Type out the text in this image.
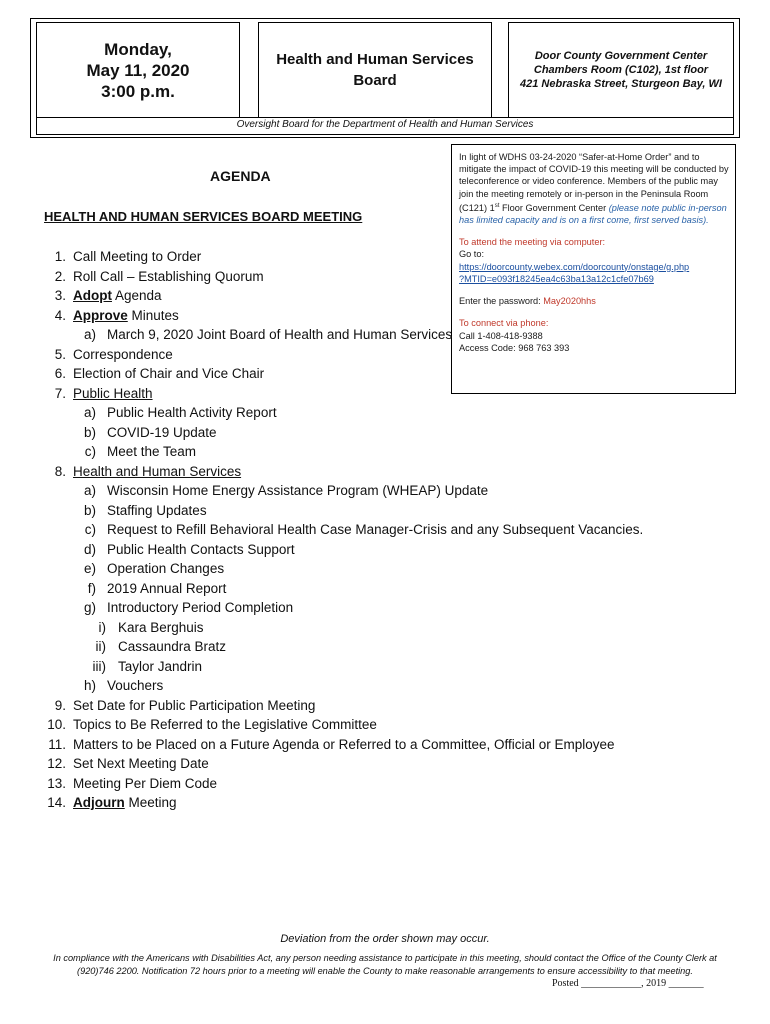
Monday,
May 11, 2020
3:00 p.m.
Health and Human Services
Board
Door County Government Center
Chambers Room (C102), 1st floor
421 Nebraska Street, Sturgeon Bay, WI
Oversight Board for the Department of Health and Human Services

In light of WDHS 03-24-2020 “Safer-at-Home Order” and to mitigate the impact of COVID-19 this meeting will be conducted by teleconference or video conference. Members of the public may join the meeting remotely or in-person in the Peninsula Room (C121) 1st Floor Government Center (please note public in-person has limited capacity and is on a first come, first served basis).

To attend the meeting via computer:

Go to:

https://doorcounty.webex.com/doorcounty/onstage/g.php

?MTID=e093f18245ea4c63ba13a12c1cfe07b69

Enter the password: May2020hhs

To connect via phone:

Call 1-408-418-9388

Access Code: 968 763 393

AGENDA
HEALTH AND HUMAN SERVICES BOARD MEETING
1. Call Meeting to Order
2. Roll Call – Establishing Quorum
3. Adopt Agenda
4. Approve Minutes
a) March 9, 2020 Joint Board of Health and Human Services
5. Correspondence
6. Election of Chair and Vice Chair
7. Public Health
a) Public Health Activity Report
b) COVID-19 Update
c) Meet the Team
8. Health and Human Services
a) Wisconsin Home Energy Assistance Program (WHEAP) Update
b) Staffing Updates
c) Request to Refill Behavioral Health Case Manager-Crisis and any Subsequent Vacancies.
d) Public Health Contacts Support
e) Operation Changes
f) 2019 Annual Report
g) Introductory Period Completion
i) Kara Berghuis
ii) Cassaundra Bratz
iii) Taylor Jandrin
h) Vouchers
9. Set Date for Public Participation Meeting
10. Topics to Be Referred to the Legislative Committee
11. Matters to be Placed on a Future Agenda or Referred to a Committee, Official or Employee
12. Set Next Meeting Date
13. Meeting Per Diem Code
14. Adjourn Meeting
Deviation from the order shown may occur.
In compliance with the Americans with Disabilities Act, any person needing assistance to participate in this meeting, should contact the Office of the County Clerk at (920)746 2200. Notification 72 hours prior to a meeting will enable the County to make reasonable arrangements to ensure accessibility to that meeting.
Posted ____________, 2019 _______
